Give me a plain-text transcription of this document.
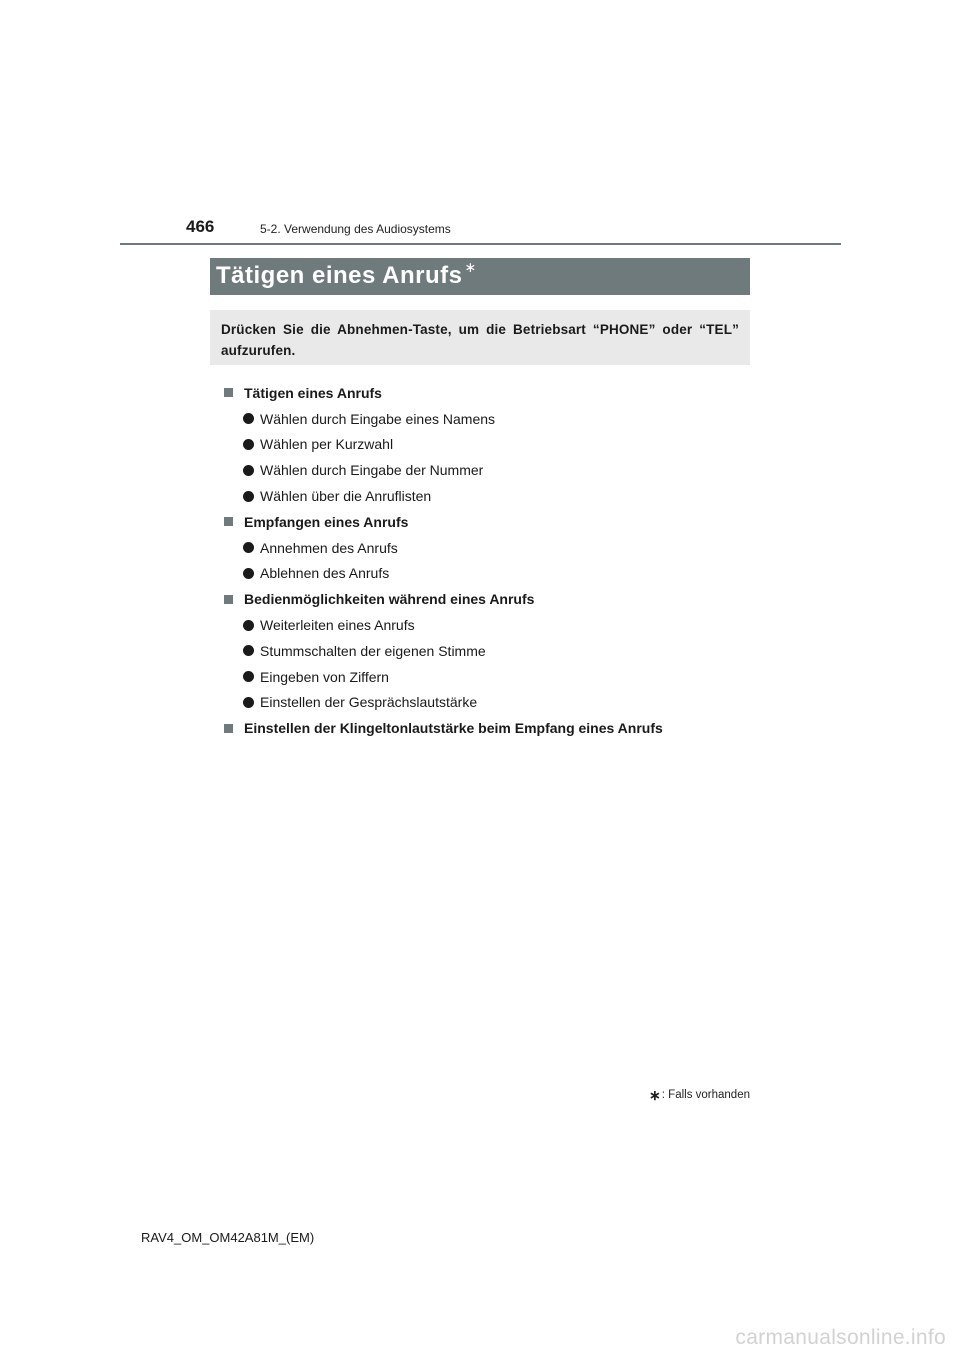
466	5-2. Verwendung des Audiosystems
Tätigen eines Anrufs ∗

Drücken Sie die Abnehmen-Taste, um die Betriebsart “PHONE” oder “TEL” aufzurufen.

Tätigen eines Anrufs
Wählen durch Eingabe eines Namens
Wählen per Kurzwahl
Wählen durch Eingabe der Nummer
Wählen über die Anruflisten
Empfangen eines Anrufs
Annehmen des Anrufs
Ablehnen des Anrufs
Bedienmöglichkeiten während eines Anrufs
Weiterleiten eines Anrufs
Stummschalten der eigenen Stimme
Eingeben von Ziffern
Einstellen der Gesprächslautstärke
Einstellen der Klingeltonlautstärke beim Empfang eines Anrufs
∗ : Falls vorhanden
RAV4_OM_OM42A81M_(EM)
carmanualsonline.info
